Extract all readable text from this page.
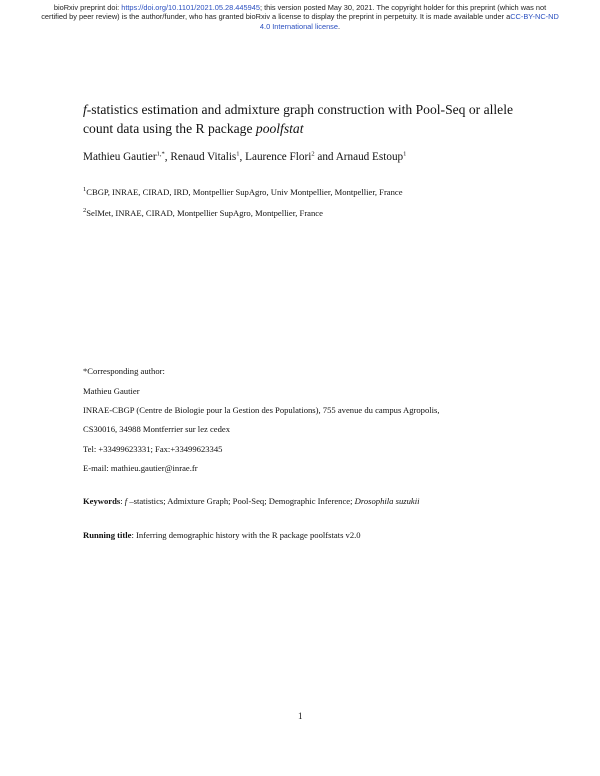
bioRxiv preprint doi: https://doi.org/10.1101/2021.05.28.445945; this version posted May 30, 2021. The copyright holder for this preprint (which was not certified by peer review) is the author/funder, who has granted bioRxiv a license to display the preprint in perpetuity. It is made available under aCC-BY-NC-ND 4.0 International license.
f-statistics estimation and admixture graph construction with Pool-Seq or allele count data using the R package poolfstat
Mathieu Gautier$^{1,*}$, Renaud Vitalis$^1$, Laurence Flori$^2$ and Arnaud Estoup$^1$
$^1$CBGP, INRAE, CIRAD, IRD, Montpellier SupAgro, Univ Montpellier, Montpellier, France
$^2$SelMet, INRAE, CIRAD, Montpellier SupAgro, Montpellier, France
*Corresponding author:
Mathieu Gautier
INRAE-CBGP (Centre de Biologie pour la Gestion des Populations), 755 avenue du campus Agropolis,
CS30016, 34988 Montferrier sur lez cedex
Tel: +33499623331; Fax:+33499623345
E-mail: mathieu.gautier@inrae.fr
Keywords: f –statistics; Admixture Graph; Pool-Seq; Demographic Inference; Drosophila suzukii
Running title: Inferring demographic history with the R package poolfstats v2.0
1
